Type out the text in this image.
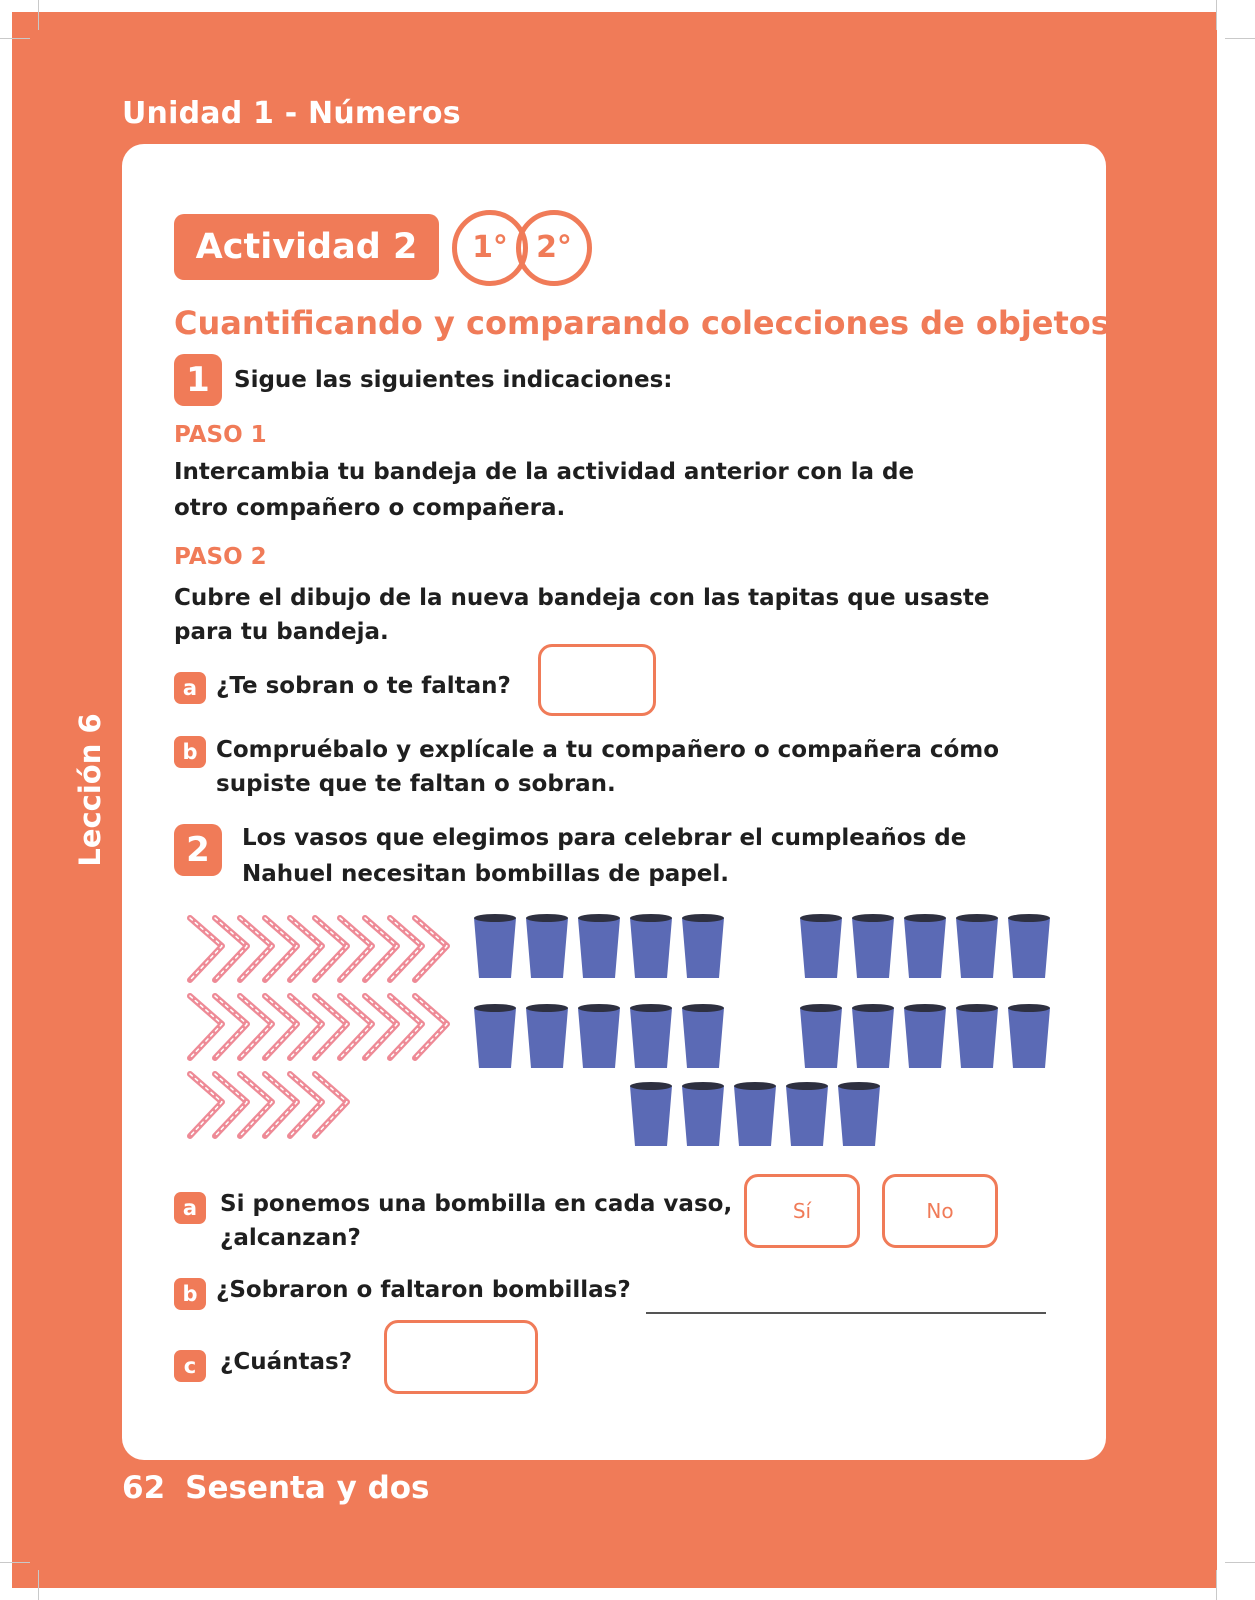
Unidad 1 - Números
Lección 6
Actividad 2	1° 2°
Cuantificando y comparando colecciones de objetos
1	Sigue las siguientes indicaciones:
PASO 1
Intercambia tu bandeja de la actividad anterior con la de
otro compañero o compañera.
PASO 2
Cubre el dibujo de la nueva bandeja con las tapitas que usaste
para tu bandeja.
a ¿Te sobran o te faltan?
b Compruébalo y explícale a tu compañero o compañera cómo
supiste que te faltan o sobran.
2	Los vasos que elegimos para celebrar el cumpleaños de
Nahuel necesitan bombillas de papel.
a Si ponemos una bombilla en cada vaso,
¿alcanzan?
Sí	No
b ¿Sobraron o faltaron bombillas?
c	¿Cuántas?
62 Sesenta y dos
